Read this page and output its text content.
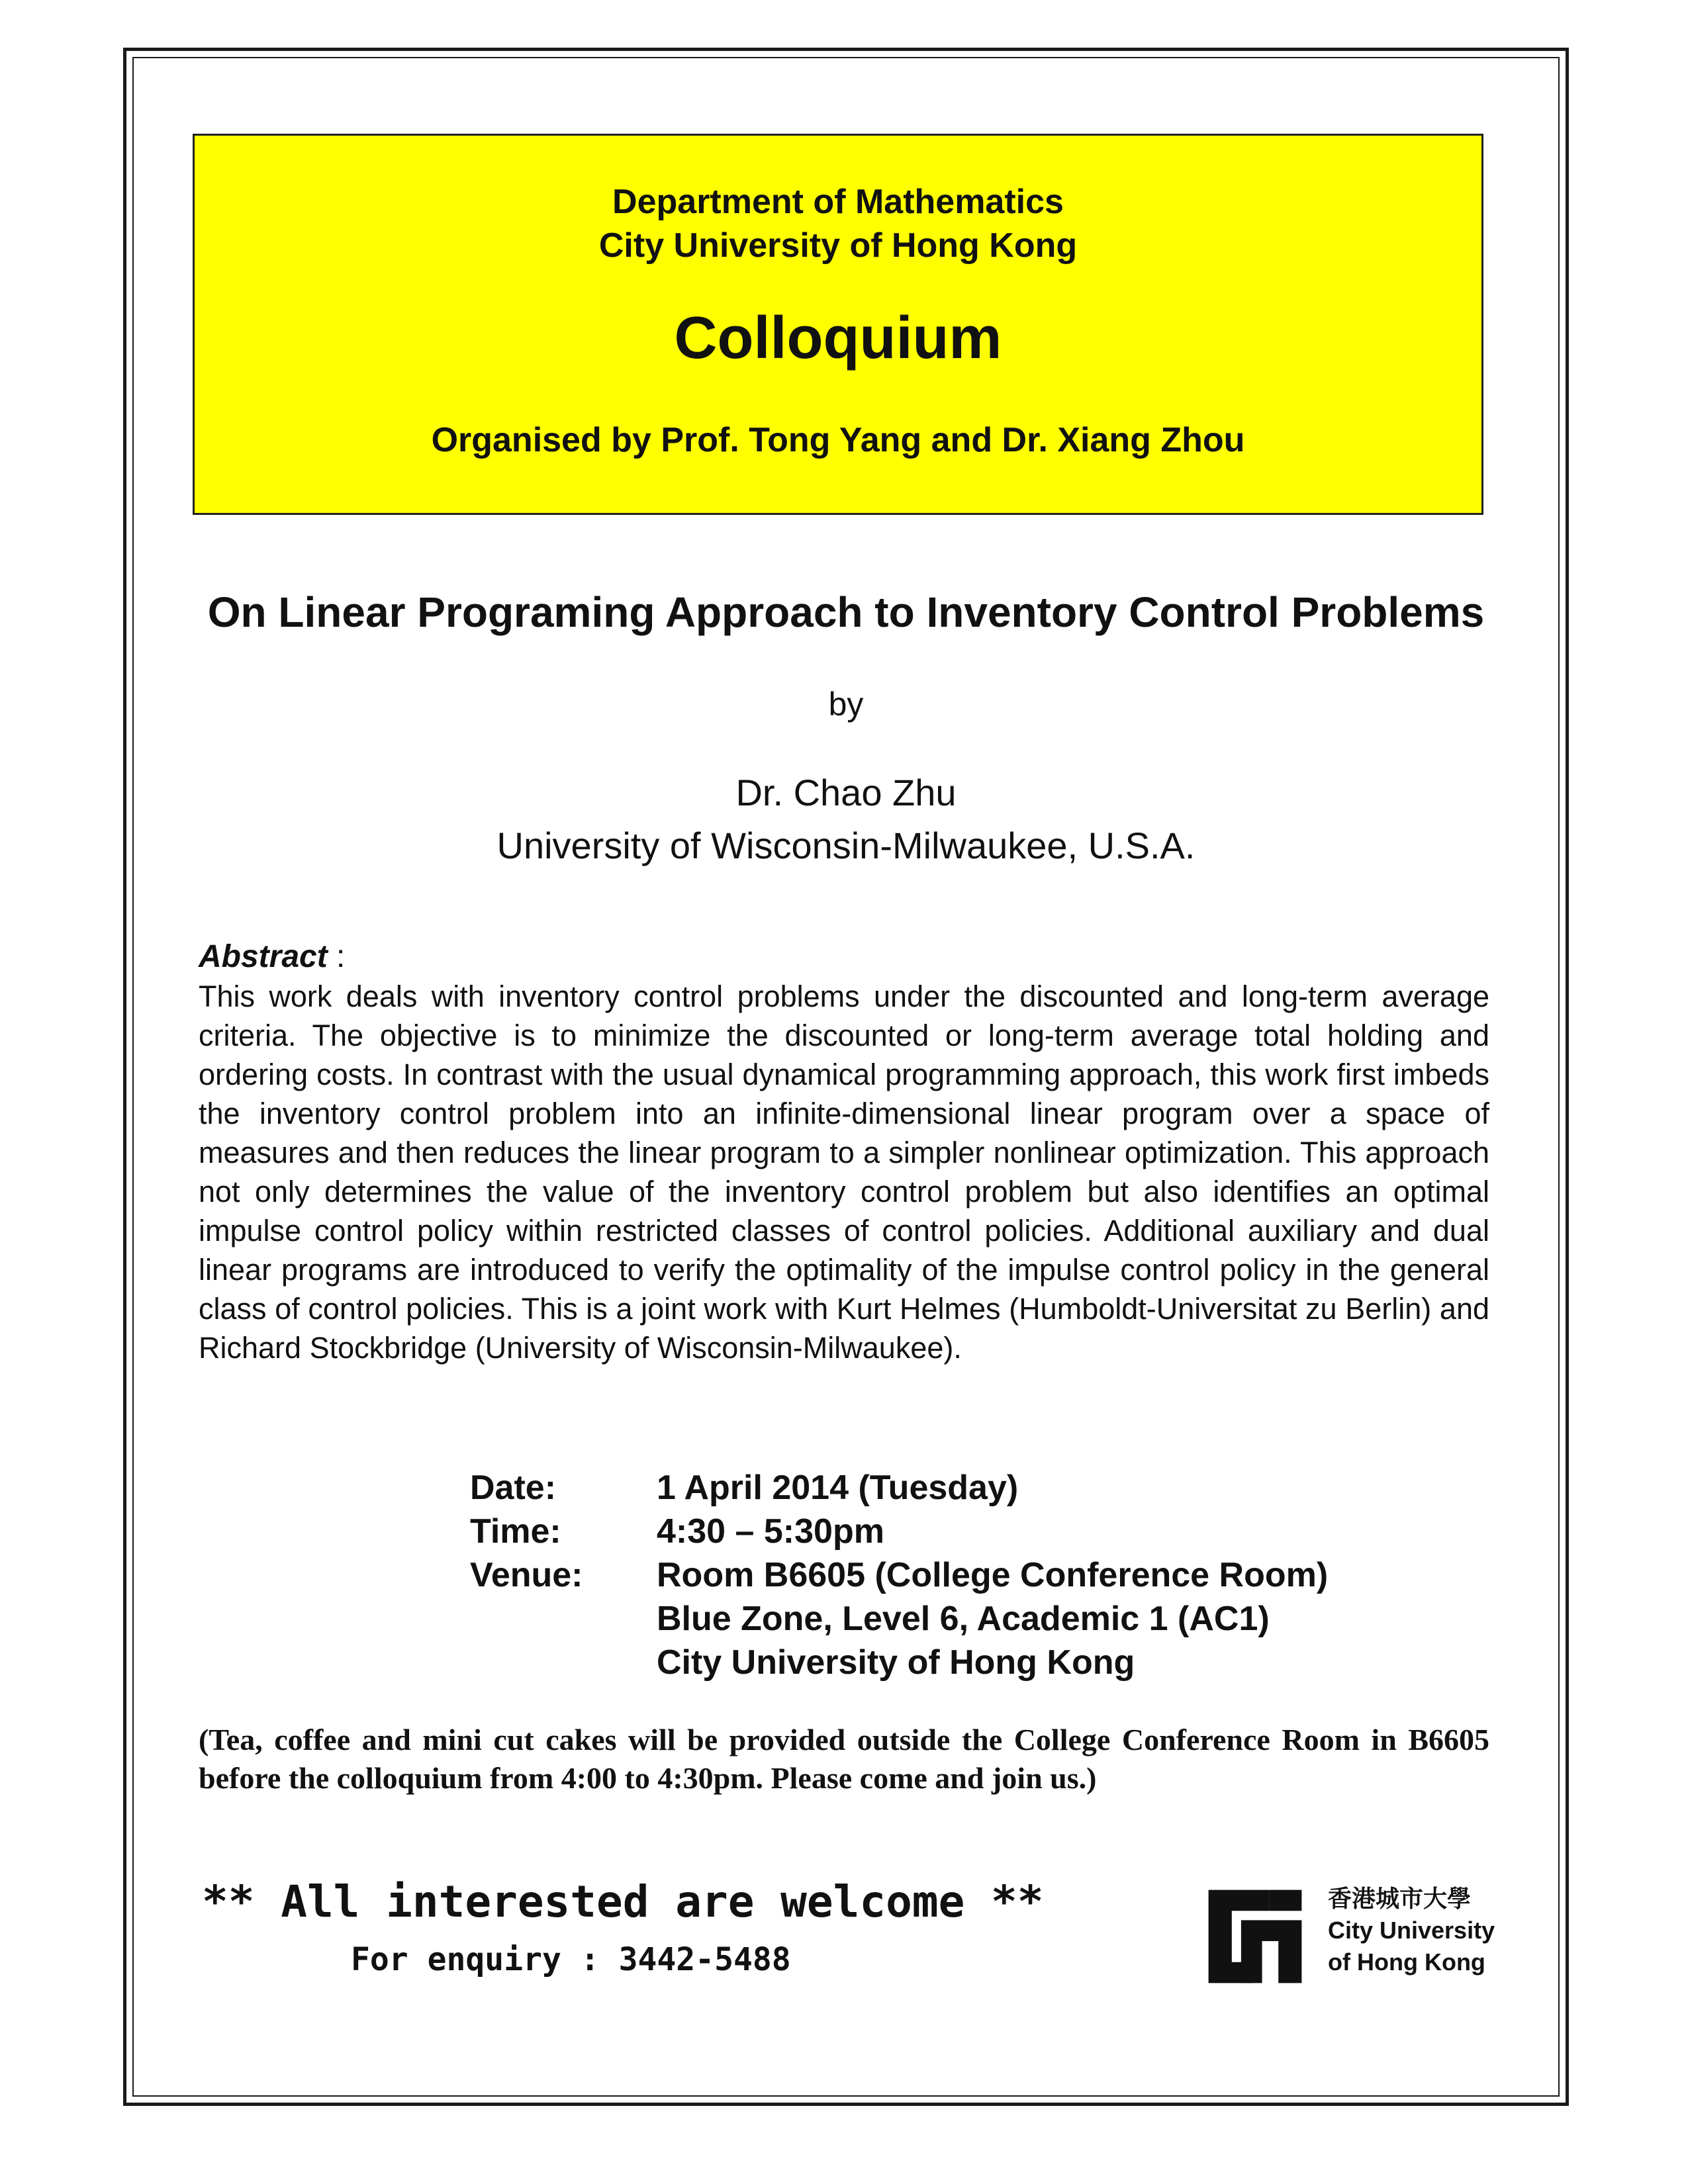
Department of Mathematics
City University of Hong Kong
Colloquium
Organised by Prof. Tong Yang and Dr. Xiang Zhou
On Linear Programing Approach to Inventory Control Problems
by
Dr. Chao Zhu
University of Wisconsin-Milwaukee, U.S.A.
Abstract :
This work deals with inventory control problems under the discounted and long-term average criteria. The objective is to minimize the discounted or long-term average total holding and ordering costs. In contrast with the usual dynamical programming approach, this work first imbeds the inventory control problem into an infinite-dimensional linear program over a space of measures and then reduces the linear program to a simpler nonlinear optimization. This approach not only determines the value of the inventory control problem but also identifies an optimal impulse control policy within restricted classes of control policies. Additional auxiliary and dual linear programs are introduced to verify the optimality of the impulse control policy in the general class of control policies. This is a joint work with Kurt Helmes (Humboldt-Universitat zu Berlin) and Richard Stockbridge (University of Wisconsin-Milwaukee).
Date:	1 April 2014 (Tuesday)
Time:	4:30 – 5:30pm
Venue:	Room B6605 (College Conference Room)
Blue Zone, Level 6, Academic 1 (AC1)
City University of Hong Kong
(Tea, coffee and mini cut cakes will be provided outside the College Conference Room in B6605 before the colloquium from 4:00 to 4:30pm. Please come and join us.)
** All interested are welcome **
For enquiry : 3442-5488
香港城市大學
City University
of Hong Kong
